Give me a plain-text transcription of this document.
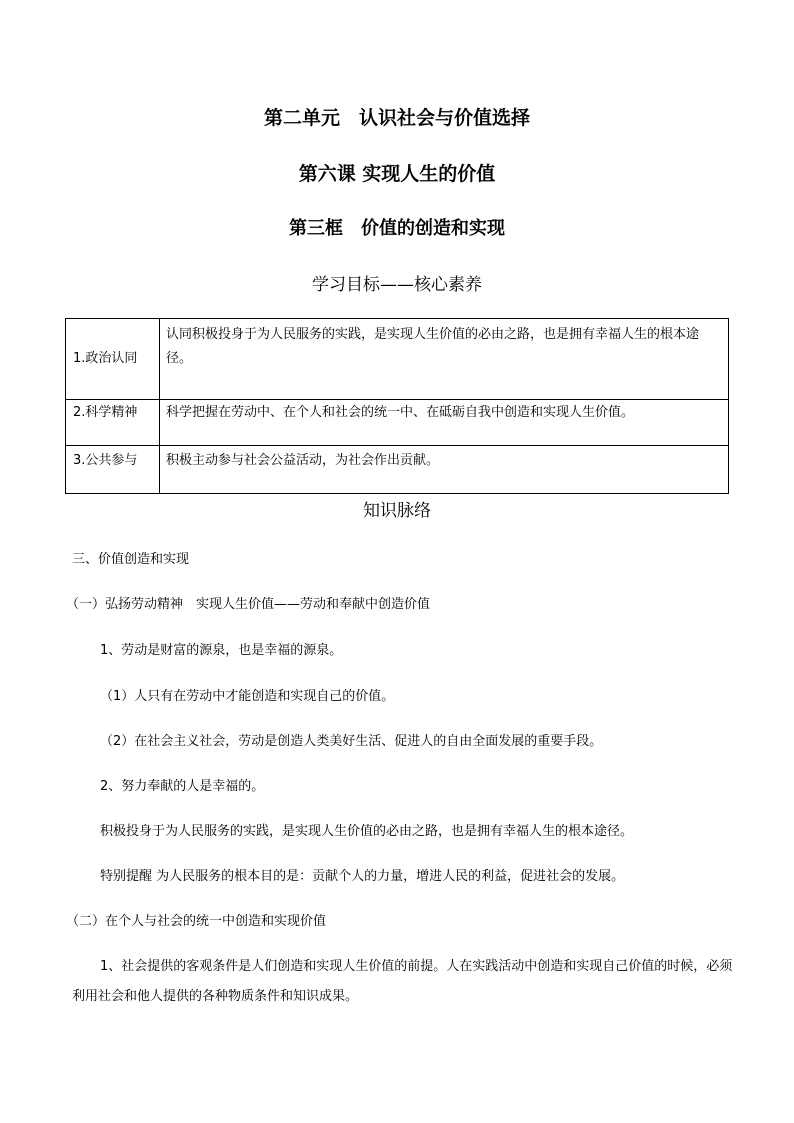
第二单元　认识社会与价值选择
第六课 实现人生的价值
第三框　价值的创造和实现
学习目标——核心素养
1.政治认同	认同积极投身于为人民服务的实践，是实现人生价值的必由之路，也是拥有幸福人生的根本途径。
2.科学精神	科学把握在劳动中、在个人和社会的统一中、在砥砺自我中创造和实现人生价值。
3.公共参与	积极主动参与社会公益活动，为社会作出贡献。
知识脉络
三、价值创造和实现
（一）弘扬劳动精神　实现人生价值——劳动和奉献中创造价值
1、劳动是财富的源泉，也是幸福的源泉。
（1）人只有在劳动中才能创造和实现自己的价值。
（2）在社会主义社会，劳动是创造人类美好生活、促进人的自由全面发展的重要手段。
2、努力奉献的人是幸福的。
积极投身于为人民服务的实践，是实现人生价值的必由之路，也是拥有幸福人生的根本途径。
特别提醒 为人民服务的根本目的是：贡献个人的力量，增进人民的利益，促进社会的发展。
（二）在个人与社会的统一中创造和实现价值
1、社会提供的客观条件是人们创造和实现人生价值的前提。人在实践活动中创造和实现自己价值的时候，必须利用社会和他人提供的各种物质条件和知识成果。
